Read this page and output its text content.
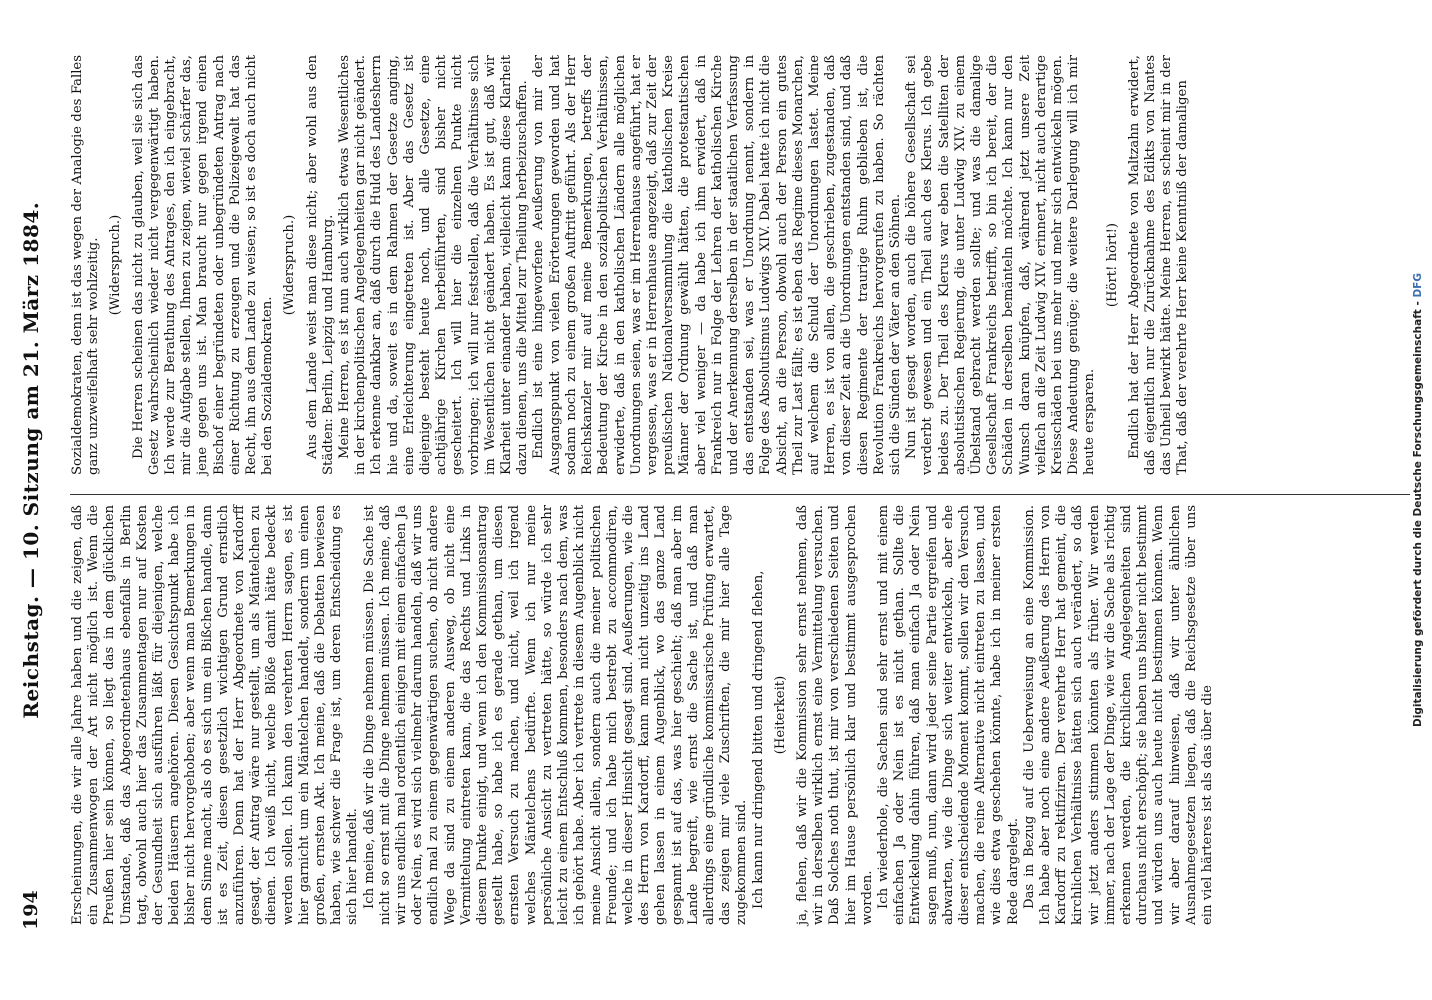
194
Reichstag. — 10. Sitzung am 21. März 1884. Erscheinungen, die wir alle Jahre haben und die zeigen, daß ein Zusammenwogen der Art nicht möglich ist. Wenn die Preußen hier sein können, so liegt das in dem glücklichen Umstande, daß das Abgeordnetenhaus ebenfalls in Berlin tagt, obwohl auch hier das Zusammentagen nur auf Kosten der Gesundheit sich ausführen läßt für diejenigen, welche beiden Häusern angehören. Diesen Gesichtspunkt habe ich bisher nicht hervorgehoben; aber wenn man Bemerkungen in dem Sinne macht, als ob es sich um ein Bißchen handle, dann ist es Zeit, diesen gesetzlich wichtigen Grund ernstlich anzuführen. Denn hat der Herr Abgeordnete von Kardorff gesagt, der Antrag wäre nur gestellt, um als Mäntelchen zu dienen. Ich weiß nicht, welche Blöße damit hätte bedeckt werden sollen. Ich kann den verehrten Herrn sagen, es ist hier garnicht um ein Mäntelchen handelt, sondern um einen großen, ernsten Akt. Ich meine, daß die Debatten bewiesen haben, wie schwer die Frage ist, um deren Entscheidung es sich hier handelt. Ich meine, daß wir die Dinge nehmen müssen. Die Sache ist nicht so ernst mit die Dinge nehmen müssen. Ich meine, daß wir uns endlich mal ordentlich einigen mit einem einfachen Ja oder Nein, es wird sich vielmehr darum handeln, daß wir uns endlich mal zu einem gegenwärtigen suchen, ob nicht andere Wege da sind zu einem anderen Ausweg, ob nicht eine Vermittelung eintreten kann, die das Rechts und Links in diesem Punkte einigt, und wenn ich den Kommissionsantrag gestellt habe, so habe ich es gerade gethan, um diesen ernsten Versuch zu machen, und nicht, weil ich irgend welches Mäntelchens bedürfte. Wenn ich nur meine persönliche Ansicht zu vertreten hätte, so würde ich sehr leicht zu einem Entschluß kommen, besonders nach dem, was ich gehört habe. Aber ich vertrete in diesem Augenblick nicht meine Ansicht allein, sondern auch die meiner politischen Freunde; und ich habe mich bestrebt zu accommodiren, welche in dieser Hinsicht gesagt sind. Aeußerungen, wie die des Herrn von Kardorff, kann man nicht unzeitig ins Land gehen lassen in einem Augenblick, wo das ganze Land gespannt ist auf das, was hier geschieht; daß man aber im Lande begreift, wie ernst die Sache ist, und daß man allerdings eine gründliche kommissarische Prüfung erwartet, das zeigen mir viele Zuschriften, die mir hier alle Tage zugekommen sind. Ich kann nur dringend bitten und dringend flehen, (Heiterkeit) ja, flehen, daß wir die Kommission sehr ernst nehmen, daß wir in derselben wirklich ernst eine Vermittelung versuchen. Daß Solches noth thut, ist mir von verschiedenen Seiten und hier im Hause persönlich klar und bestimmt ausgesprochen worden. Ich wiederhole, die Sachen sind sehr ernst und mit einem einfachen Ja oder Nein ist es nicht gethan. Sollte die Entwickelung dahin führen, daß man einfach Ja oder Nein sagen muß, nun, dann wird jeder seine Partie ergreifen und abwarten, wie die Dinge sich weiter entwickeln, aber ehe dieser entscheidende Moment kommt, sollen wir den Versuch machen, die reine Alternative nicht eintreten zu lassen, und wie dies etwa geschehen könnte, habe ich in meiner ersten Rede dargelegt. Das in Bezug auf die Ueberweisung an eine Kommission. Ich habe aber noch eine andere Aeußerung des Herrn von Kardorff zu rektifiziren. Der verehrte Herr hat gemeint, die kirchlichen Verhältnisse hätten sich auch verändert, so daß wir jetzt anders stimmen könnten als früher. Wir werden immer, nach der Lage der Dinge, wie wir die Sache als richtig erkennen werden, die kirchlichen Angelegenheiten sind durchaus nicht erschöpft; sie haben uns bisher nicht bestimmt und würden uns auch heute nicht bestimmen können. Wenn wir aber darauf hinweisen, daß wir unter ähnlichen Ausnahmegesetzen liegen, daß die Reichsgesetze über uns ein viel härteres ist als das über die

Sozialdemokraten, denn ist das wegen der Analogie des Falles ganz unzweifelhaft sehr wohlzeitig. (Widerspruch.) Die Herren scheinen das nicht zu glauben, weil sie sich das Gesetz wahrscheinlich wieder nicht vergegenwärtigt haben. Ich werde zur Berathung des Antrages, den ich eingebracht, mir die Aufgabe stellen, Ihnen zu zeigen, wieviel schärfer das, jene gegen uns ist. Man braucht nur gegen irgend einen Bischof einer begründeten oder unbegründeten Antrag nach einer Richtung zu erzeugen und die Polizeigewalt hat das Recht, ihn aus dem Lande zu weisen; so ist es doch auch nicht bei den Sozialdemokraten.

(Widerspruch.) Aus dem Lande weist man diese nicht; aber wohl aus den Städten: Berlin, Leipzig und Hamburg. Meine Herren, es ist nun auch wirklich etwas Wesentliches in der kirchenpolitischen Angelegenheiten gar nicht geändert. Ich erkenne dankbar an, daß durch die Huld des Landesherrn hie und da, soweit es in dem Rahmen der Gesetze anging, eine Erleichterung eingetreten ist. Aber das Gesetz ist diejenige besteht heute noch, und alle Gesetze, eine achtjährige Kirchen herbeiführten, sind bisher nicht gescheitert. Ich will hier die einzelnen Punkte nicht vorbringen; ich will nur feststellen, daß die Verhältnisse sich im Wesentlichen nicht geändert haben. Es ist gut, daß wir Klarheit unter einander haben, vielleicht kann diese Klarheit dazu dienen, uns die Mittel zur Theilung herbeizuschaffen. Endlich ist eine hingeworfene Aeußerung von mir der Ausgangspunkt von vielen Erörterungen geworden und hat sodann noch zu einem großen Auftritt geführt. Als der Herr Reichskanzler mir auf meine Bemerkungen, betreffs der Bedeutung der Kirche in den sozialpolitischen Verhältnissen, erwiderte, daß in den katholischen Ländern alle möglichen Unordnungen seien, was er im Herrenhause angeführt, hat er vergessen, was er in Herrenhause angezeigt, daß zur Zeit der preußischen Nationalversammlung die katholischen Kreise Männer der Ordnung gewählt hätten, die protestantischen aber viel weniger — da habe ich ihm erwidert, daß in Frankreich nur in Folge der Lehren der katholischen Kirche und der Anerkennung derselben in der staatlichen Verfassung das entstanden sei, was er Unordnung nennt, sondern in Folge des Absolutismus Ludwigs XIV. Dabei hatte ich nicht die Absicht, an die Person, obwohl auch der Person ein gutes Theil zur Last fällt; es ist eben das Regime dieses Monarchen, auf welchem die Schuld der Unordnungen lastet. Meine Herren, es ist von allen, die geschrieben, zugestanden, daß von dieser Zeit an die Unordnungen entstanden sind, und daß diesen Regimente der traurige Ruhm geblieben ist, die Revolution Frankreichs hervorgerufen zu haben. So rächten sich die Sünden der Väter an den Söhnen. Nun ist gesagt worden, auch die höhere Gesellschaft sei verderbt gewesen und ein Theil auch des Klerus. Ich gebe beides zu. Der Theil des Klerus war eben die Satelliten der absolutistischen Regierung, die unter Ludwig XIV. zu einem Übelstand gebracht werden sollte; und was die damalige Gesellschaft Frankreichs betrifft, so bin ich bereit, der die Schäden in derselben bemänteln möchte. Ich kann nur den Wunsch daran knüpfen, daß, während jetzt unsere Zeit vielfach an die Zeit Ludwig XIV. erinnert, nicht auch derartige Kreisschäden bei uns mehr und mehr sich entwickeln mögen. Diese Andeutung genüge; die weitere Darlegung will ich mir heute ersparen.

(Hört! hört!) Endlich hat der Herr Abgeordnete von Maltzahn erwidert, daß eigentlich nur die Zurücknahme des Edikts von Nantes das Unheil bewirkt hätte. Meine Herren, es scheint mir in der That, daß der verehrte Herr keine Kenntniß der damaligen

Digitalisierung gefördert durch die Deutsche Forschungsgemeinschaft - DFG
